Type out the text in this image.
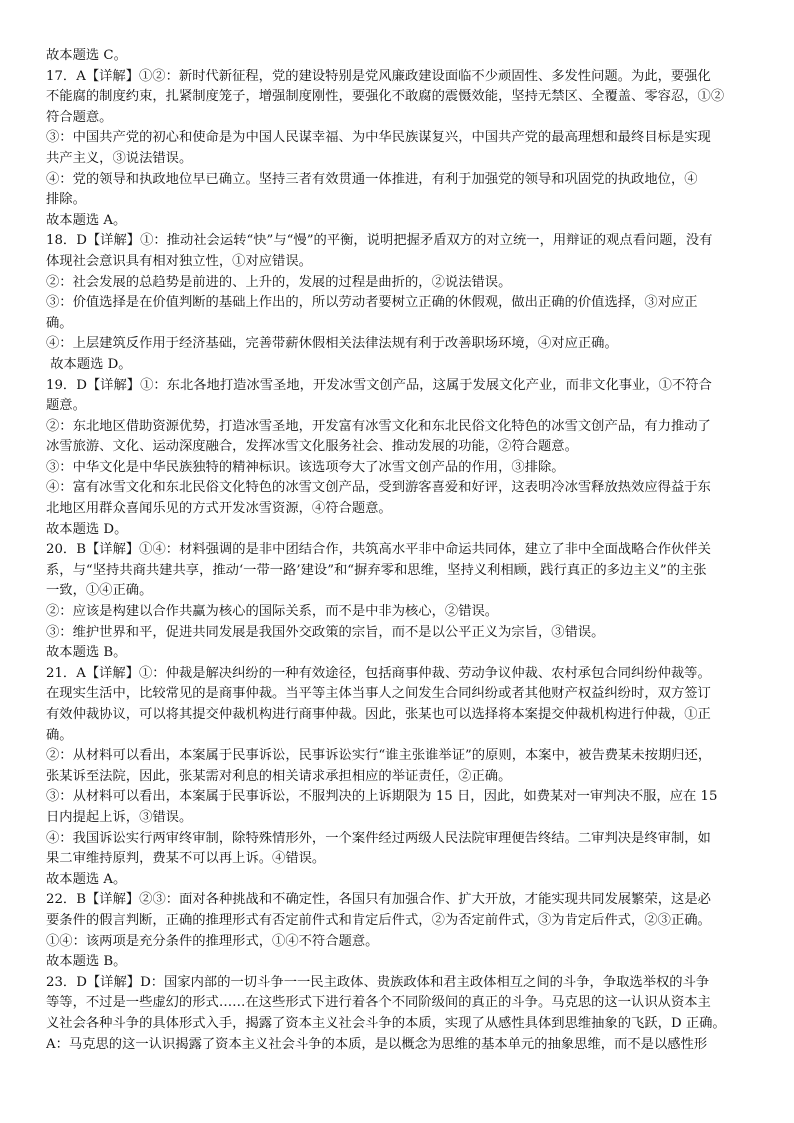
故本题选 C。
17．A【详解】①②：新时代新征程，党的建设特别是党风廉政建设面临不少顽固性、多发性问题。为此，要强化
不能腐的制度约束，扎紧制度笼子，增强制度刚性，要强化不敢腐的震慑效能，坚持无禁区、全覆盖、零容忍，①②
符合题意。
③：中国共产党的初心和使命是为中国人民谋幸福、为中华民族谋复兴，中国共产党的最高理想和最终目标是实现
共产主义，③说法错误。
④：党的领导和执政地位早已确立。坚持三者有效贯通一体推进，有利于加强党的领导和巩固党的执政地位，④
排除。
故本题选 A。
18．D【详解】①：推动社会运转“快”与“慢”的平衡，说明把握矛盾双方的对立统一，用辩证的观点看问题，没有
体现社会意识具有相对独立性，①对应错误。
②：社会发展的总趋势是前进的、上升的，发展的过程是曲折的，②说法错误。
③：价值选择是在价值判断的基础上作出的，所以劳动者要树立正确的休假观，做出正确的价值选择，③对应正
确。
④：上层建筑反作用于经济基础，完善带薪休假相关法律法规有利于改善职场环境，④对应正确。
故本题选 D。
19．D【详解】①：东北各地打造冰雪圣地，开发冰雪文创产品，这属于发展文化产业，而非文化事业，①不符合
题意。
②：东北地区借助资源优势，打造冰雪圣地，开发富有冰雪文化和东北民俗文化特色的冰雪文创产品，有力推动了
冰雪旅游、文化、运动深度融合，发挥冰雪文化服务社会、推动发展的功能，②符合题意。
③：中华文化是中华民族独特的精神标识。该选项夸大了冰雪文创产品的作用，③排除。
④：富有冰雪文化和东北民俗文化特色的冰雪文创产品，受到游客喜爱和好评，这表明冷冰雪释放热效应得益于东
北地区用群众喜闻乐见的方式开发冰雪资源，④符合题意。
故本题选 D。
20．B【详解】①④：材料强调的是非中团结合作，共筑高水平非中命运共同体，建立了非中全面战略合作伙伴关
系，与“坚持共商共建共享，推动‘一带一路’建设”和“摒弃零和思维，坚持义利相顾，践行真正的多边主义”的主张
一致，①④正确。
②：应该是构建以合作共赢为核心的国际关系，而不是中非为核心，②错误。
③：维护世界和平，促进共同发展是我国外交政策的宗旨，而不是以公平正义为宗旨，③错误。
故本题选 B。
21．A【详解】①：仲裁是解决纠纷的一种有效途径，包括商事仲裁、劳动争议仲裁、农村承包合同纠纷仲裁等。
在现实生活中，比较常见的是商事仲裁。当平等主体当事人之间发生合同纠纷或者其他财产权益纠纷时，双方签订
有效仲裁协议，可以将其提交仲裁机构进行商事仲裁。因此，张某也可以选择将本案提交仲裁机构进行仲裁，①正
确。
②：从材料可以看出，本案属于民事诉讼，民事诉讼实行“谁主张谁举证”的原则，本案中，被告费某未按期归还，
张某诉至法院，因此，张某需对利息的相关请求承担相应的举证责任，②正确。
③：从材料可以看出，本案属于民事诉讼，不服判决的上诉期限为 15 日，因此，如费某对一审判决不服，应在 15
日内提起上诉，③错误。
④：我国诉讼实行两审终审制，除特殊情形外，一个案件经过两级人民法院审理便告终结。二审判决是终审制，如
果二审维持原判，费某不可以再上诉。④错误。
故本题选 A。
22．B【详解】②③：面对各种挑战和不确定性，各国只有加强合作、扩大开放，才能实现共同发展繁荣，这是必
要条件的假言判断，正确的推理形式有否定前件式和肯定后件式，②为否定前件式，③为肯定后件式，②③正确。
①④：该两项是充分条件的推理形式，①④不符合题意。
故本题选 B。
23．D【详解】D：国家内部的一切斗争一一民主政体、贵族政体和君主政体相互之间的斗争，争取选举权的斗争
等等，不过是一些虚幻的形式……在这些形式下进行着各个不同阶级间的真正的斗争。马克思的这一认识从资本主
义社会各种斗争的具体形式入手，揭露了资本主义社会斗争的本质，实现了从感性具体到思维抽象的飞跃，D 正确。
A：马克思的这一认识揭露了资本主义社会斗争的本质，是以概念为思维的基本单元的抽象思维，而不是以感性形
